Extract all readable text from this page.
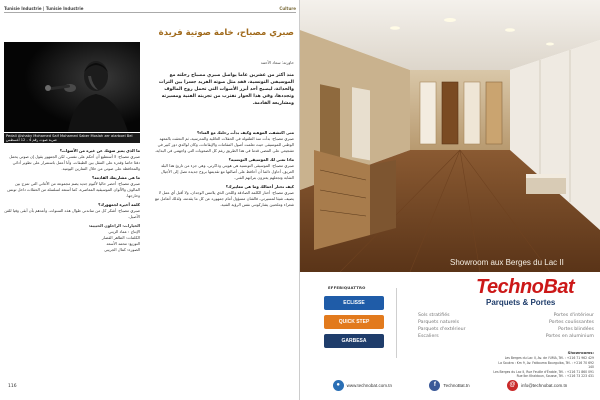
Tunisie Industrie | Tunisie Industrie	Culture
Pedali Alshaby Mohamed Saif Mohamed Saber Moslah zer alarboei Bel ضربة صوت رقم 4 - 12 أغسطس
صبري مصباح، خامة صوتية فريدة
حاورته: سعاد الأحمد
منذ أكثر من عشرين عاما يواصل صبري مصباح رحلته مع الموسيقى التونسية، فقد مثل صوته الفريد جسرا بين التراث والحداثة، ليصبح أحد أبرز الأصوات التي تحمل روح المالوف وتجددها، وفي هذا الحوار نقترب من تجربته الفنية ومسيرته ومشاريعه القادمة.
متى اكتشفت الموهبة وكيف بدأت رحلتك مع الغناء؟
صبري مصباح: بدأت منذ الطفولة في الحفلات العائلية والمدرسية، ثم التحقت بالمعهد الوطني للموسيقى حيث تعلمت أصول المقامات والإيقاعات، وكان لوالدي دور كبير في تشجيعي على المضي قدما في هذا الطريق رغم كل الصعوبات التي واجهتني في البداية.
ماذا تعني لك الموسيقى التونسية؟
صبري مصباح: الموسيقى التونسية هي هويتي وذاكرتي، وهي جزء من تاريخ هذا البلد العريق، أحاول دائما أن أحافظ على أصالتها مع تقديمها بروح جديدة تصل إلى الأجيال الشابة وتجعلهم يعتزون بتراثهم الفني.
كيف تختار أعمالك وما هي معاييرك؟
صبري مصباح: أختار الكلمة الصادقة واللحن الذي يلامس الوجدان، ولا أقبل أي عمل لا يضيف شيئا لمسيرتي، فالفنان مسؤول أمام جمهوره عن كل ما يقدمه، ولذلك أتعامل مع شعراء وملحنين يشاركونني نفس الرؤية الفنية.
ما الذي يميز صوتك عن غيره من الأصوات؟
صبري مصباح: لا أستطيع أن أحكم على نفسي، لكن الجمهور يقول إن صوتي يحمل دفئا خاصا وقدرة على التنقل بين الطبقات، وأنا أعمل باستمرار على تطوير أدائي والمحافظة على صوتي من خلال التمارين اليومية.
ما هي مشاريعك القادمة؟
صبري مصباح: أحضر حاليا لألبوم جديد يضم مجموعة من الأغاني التي تمزج بين المالوف والألوان الموسيقية المعاصرة، كما أستعد لسلسلة من الحفلات داخل تونس وخارجها.
كلمة أخيرة لجمهورك؟
صبري مصباح: أشكر كل من ساندني طوال هذه السنوات، وأعدهم بأن أبقى وفيا للفن الأصيل.
الخيارات: الراحلون الحبيبة:
الإنتاج : عماد الزيني
الكلمات: الطاهر القصار
التوزيع: محمد الأسعد
الصورة: كمال الجريبي
116
Showroom aux Berges du Lac II
EFFEBIQUATTRO
ECLISSE
QUICK STEP
GARBESA
TechnoBat
Parquets & Portes
Sols stratifiés
Parquets naturels
Parquets d'extérieur
Escaliers
Portes d'intérieur
Portes coulissantes
Portes blindées
Portes en aluminium
Showrooms:
Les Berges du Lac II, Av. de l'UMA, Tél. : +216 71 962 429
La Soukra : Km 9, Av. Fattouma Bourguiba, Tél. : +216 70 692 140
Les Berges du Lac II, Rue Feuille d'Érable, Tél. : +216 71 860 091
Rue Ibn Khaldoun, Sousse, Tél. : +216 73 223 431
●	www.technobat.com.tn	f	TechnoBat.tn	@	info@technobat.com.tn
